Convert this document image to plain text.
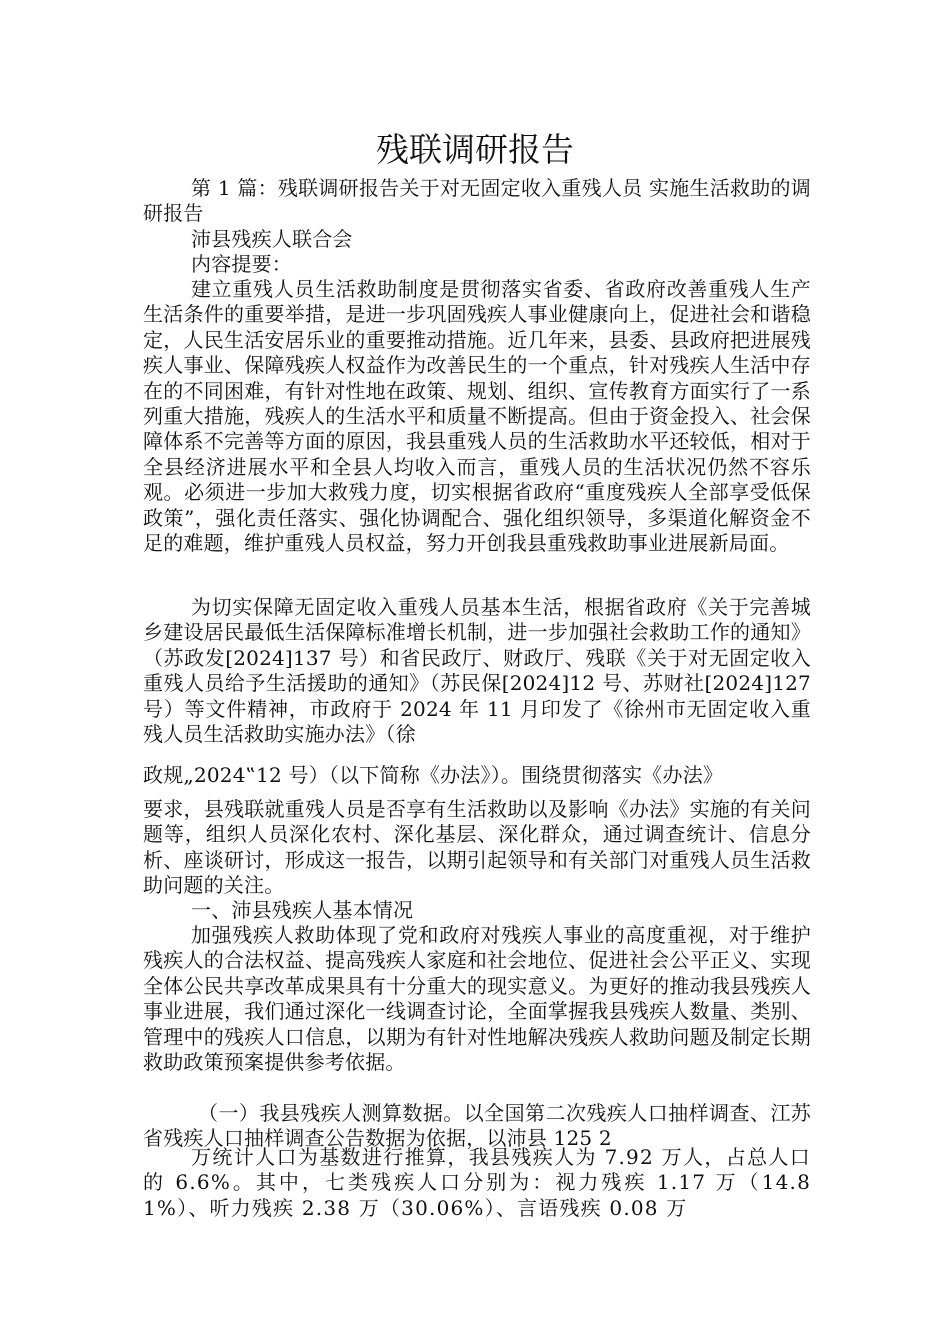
残联调研报告

第 1 篇：残联调研报告关于对无固定收入重残人员 实施生活救助的调研报告

沛县残疾人联合会

内容提要：

建立重残人员生活救助制度是贯彻落实省委、省政府改善重残人生产生活条件的重要举措，是进一步巩固残疾人事业健康向上，促进社会和谐稳定，人民生活安居乐业的重要推动措施。近几年来，县委、县政府把进展残疾人事业、保障残疾人权益作为改善民生的一个重点，针对残疾人生活中存在的不同困难，有针对性地在政策、规划、组织、宣传教育方面实行了一系列重大措施，残疾人的生活水平和质量不断提高。但由于资金投入、社会保障体系不完善等方面的原因，我县重残人员的生活救助水平还较低，相对于全县经济进展水平和全县人均收入而言，重残人员的生活状况仍然不容乐观。必须进一步加大救残力度，切实根据省政府“重度残疾人全部享受低保政策”，强化责任落实、强化协调配合、强化组织领导，多渠道化解资金不足的难题，维护重残人员权益，努力开创我县重残救助事业进展新局面。

为切实保障无固定收入重残人员基本生活，根据省政府《关于完善城乡建设居民最低生活保障标准增长机制，进一步加强社会救助工作的通知》（苏政发[2024]137 号）和省民政厅、财政厅、残联《关于对无固定收入重残人员给予生活援助的通知》（苏民保[2024]12 号、苏财社[2024]127 号）等文件精神，市政府于 2024 年 11 月印发了《徐州市无固定收入重残人员生活救助实施办法》（徐

政规„2024‟12 号）（以下简称《办法》）。围绕贯彻落实《办法》

要求，县残联就重残人员是否享有生活救助以及影响《办法》实施的有关问题等，组织人员深化农村、深化基层、深化群众，通过调查统计、信息分析、座谈研讨，形成这一报告，以期引起领导和有关部门对重残人员生活救助问题的关注。

一、沛县残疾人基本情况

加强残疾人救助体现了党和政府对残疾人事业的高度重视，对于维护残疾人的合法权益、提高残疾人家庭和社会地位、促进社会公平正义、实现全体公民共享改革成果具有十分重大的现实意义。为更好的推动我县残疾人事业进展，我们通过深化一线调查讨论，全面掌握我县残疾人数量、类别、管理中的残疾人口信息，以期为有针对性地解决残疾人救助问题及制定长期救助政策预案提供参考依据。

（一）我县残疾人测算数据。以全国第二次残疾人口抽样调查、江苏省残疾人口抽样调查公告数据为依据，以沛县 125 2

万统计人口为基数进行推算，我县残疾人为 7.92 万人，占总人口的 6.6%。其中，七类残疾人口分别为：视力残疾 1.17 万（14.81%）、听力残疾 2.38 万（30.06%）、言语残疾 0.08 万
